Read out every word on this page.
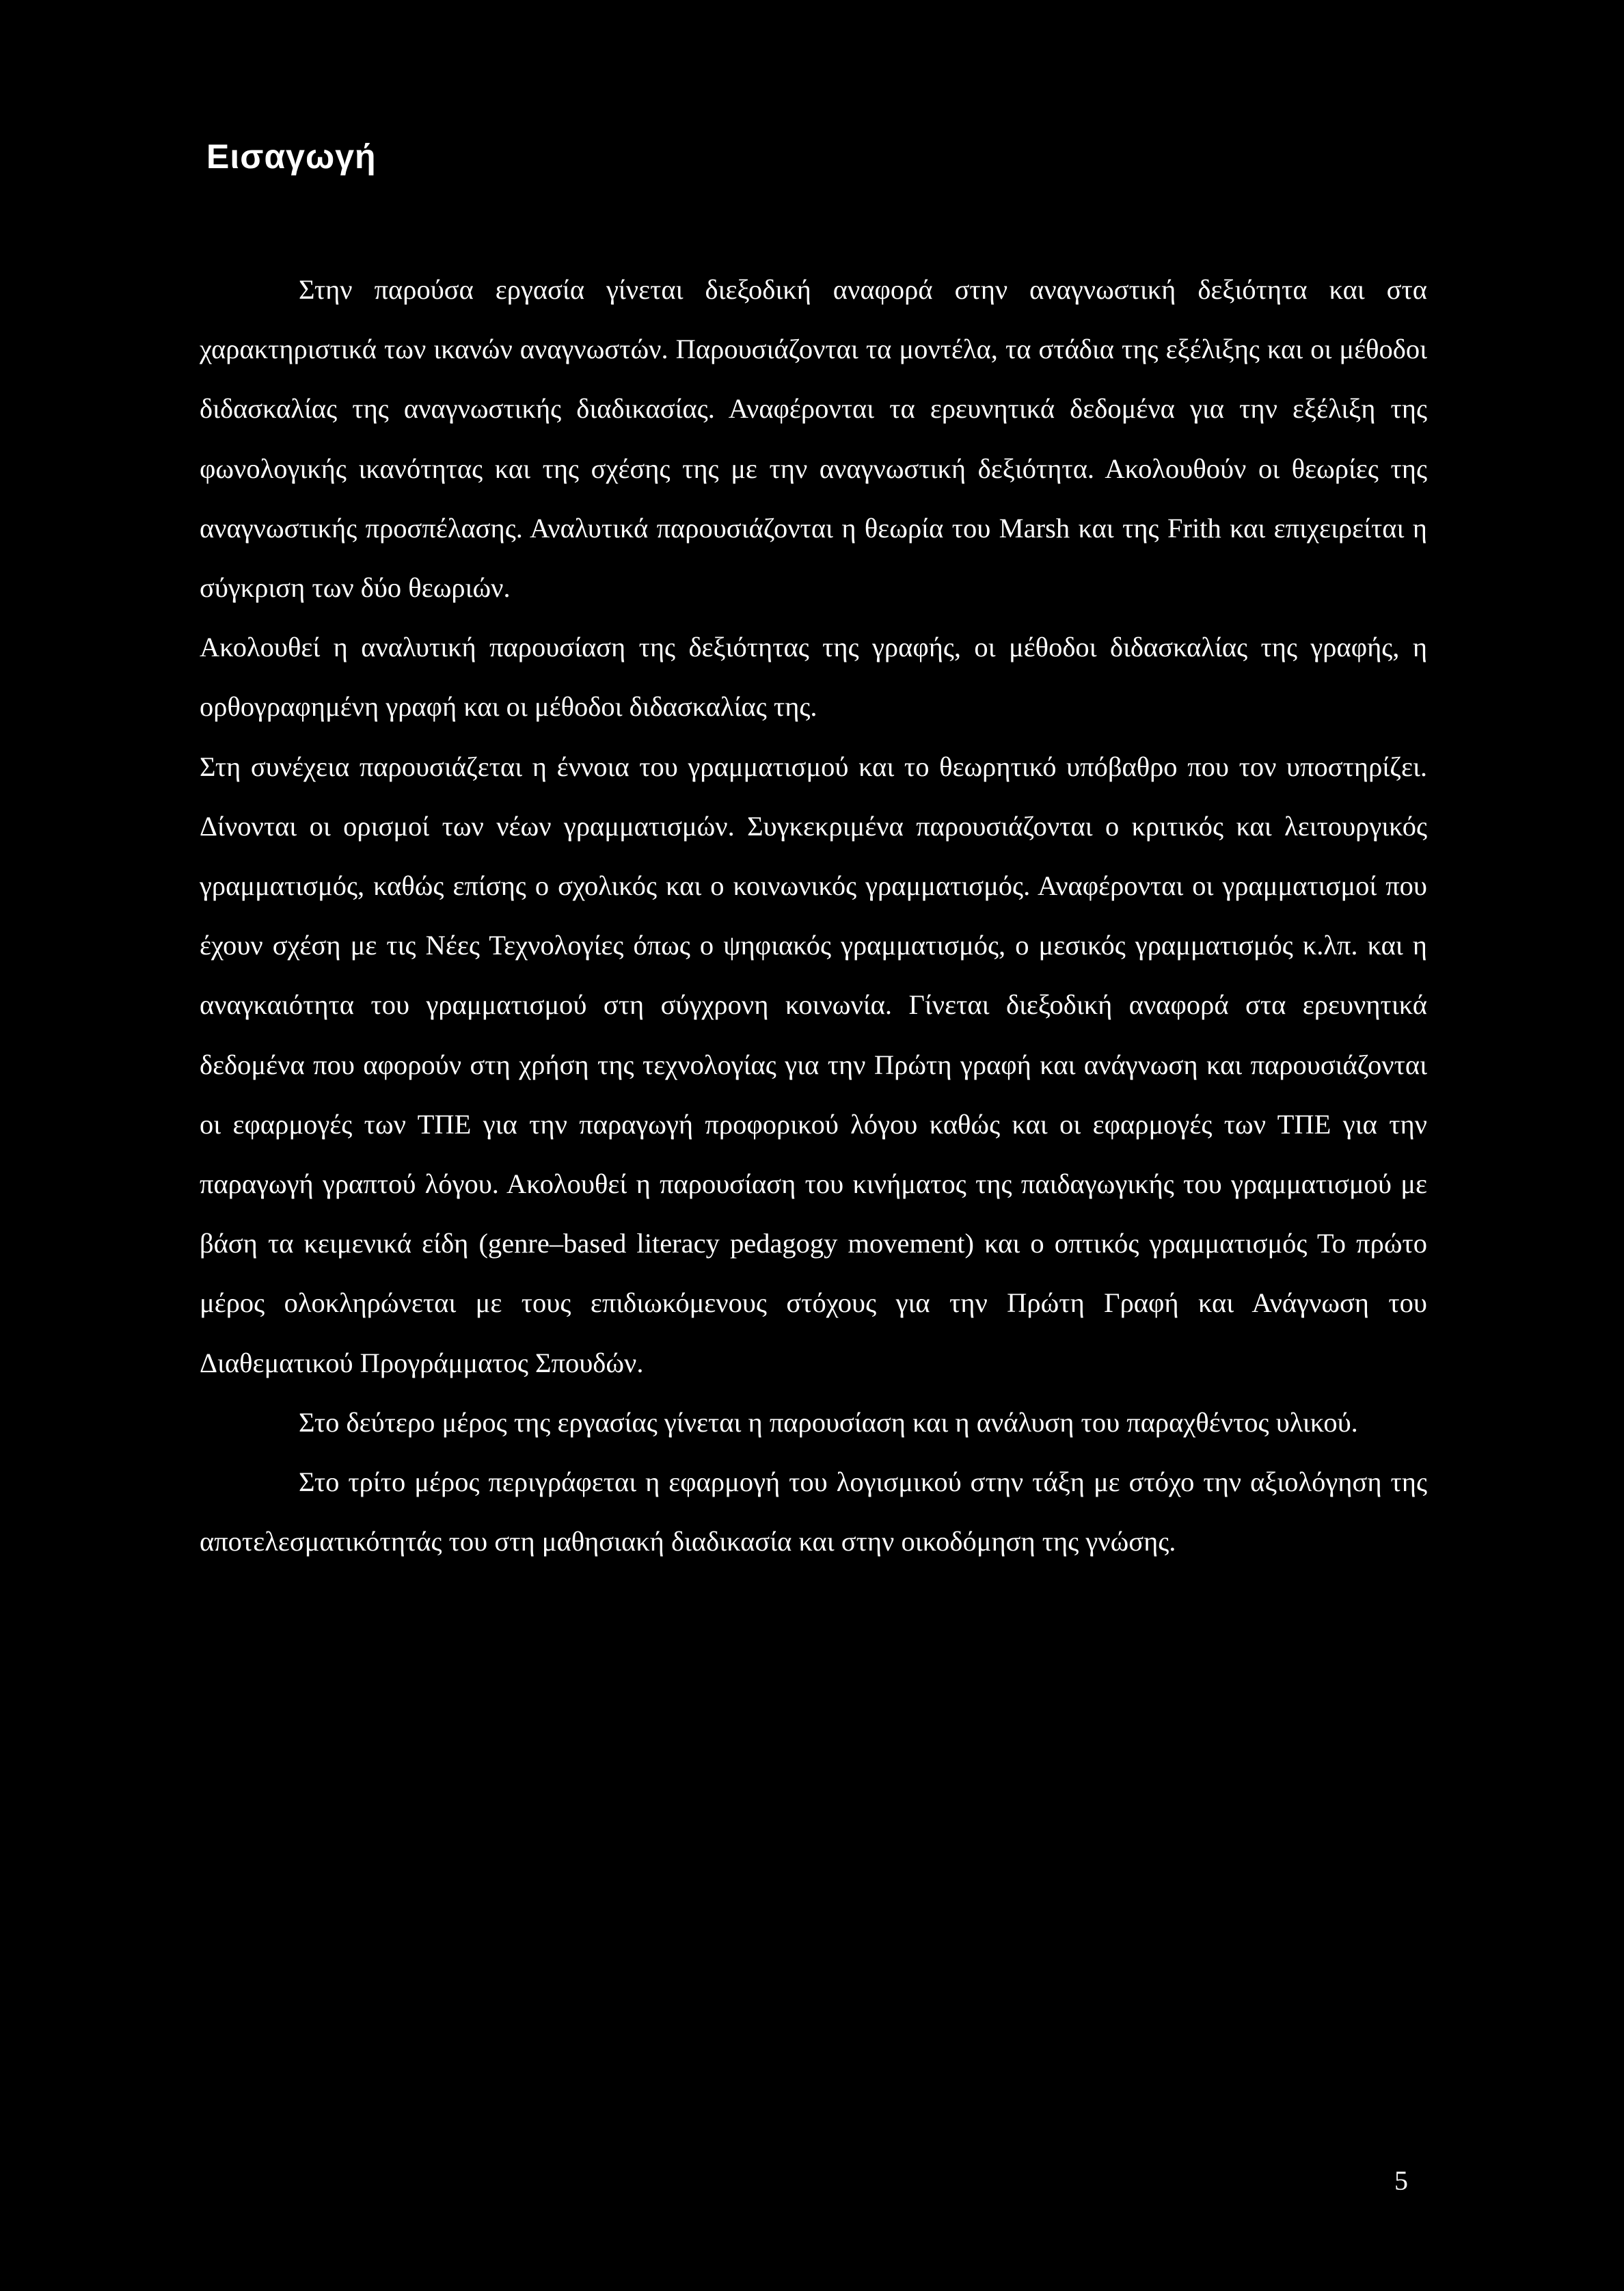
Εισαγωγή

Στην παρούσα εργασία γίνεται διεξοδική αναφορά στην αναγνωστική δεξιότητα και στα χαρακτηριστικά των ικανών αναγνωστών. Παρουσιάζονται τα μοντέλα, τα στάδια της εξέλιξης και οι μέθοδοι διδασκαλίας της αναγνωστικής διαδικασίας. Αναφέρονται τα ερευνητικά δεδομένα για την εξέλιξη της φωνολογικής ικανότητας και της σχέσης της με την αναγνωστική δεξιότητα. Ακολουθούν οι θεωρίες της αναγνωστικής προσπέλασης. Αναλυτικά παρουσιάζονται η θεωρία του Marsh και της Frith και επιχειρείται η σύγκριση των δύο θεωριών.

Ακολουθεί η αναλυτική παρουσίαση της δεξιότητας της γραφής, οι μέθοδοι διδασκαλίας της γραφής, η ορθογραφημένη γραφή και οι μέθοδοι διδασκαλίας της.

Στη συνέχεια παρουσιάζεται η έννοια του γραμματισμού και το θεωρητικό υπόβαθρο που τον υποστηρίζει. Δίνονται οι ορισμοί των νέων γραμματισμών. Συγκεκριμένα παρουσιάζονται ο κριτικός και λειτουργικός γραμματισμός, καθώς επίσης ο σχολικός και ο κοινωνικός γραμματισμός. Αναφέρονται οι γραμματισμοί που έχουν σχέση με τις Νέες Τεχνολογίες όπως ο ψηφιακός γραμματισμός, ο μεσικός γραμματισμός κ.λπ. και η αναγκαιότητα του γραμματισμού στη σύγχρονη κοινωνία. Γίνεται διεξοδική αναφορά στα ερευνητικά δεδομένα που αφορούν στη χρήση της τεχνολογίας για την Πρώτη γραφή και ανάγνωση και παρουσιάζονται οι εφαρμογές των ΤΠΕ για την παραγωγή προφορικού λόγου καθώς και οι εφαρμογές των ΤΠΕ για την παραγωγή γραπτού λόγου. Ακολουθεί η παρουσίαση του κινήματος της παιδαγωγικής του γραμματισμού με βάση τα κειμενικά είδη (genre–based literacy pedagogy movement) και ο οπτικός γραμματισμός Το πρώτο μέρος ολοκληρώνεται με τους επιδιωκόμενους στόχους για την Πρώτη Γραφή και Ανάγνωση του Διαθεματικού Προγράμματος Σπουδών.

Στο δεύτερο μέρος της εργασίας γίνεται η παρουσίαση και η ανάλυση του παραχθέντος υλικού.

Στο τρίτο μέρος περιγράφεται η εφαρμογή του λογισμικού στην τάξη με στόχο την αξιολόγηση της αποτελεσματικότητάς του στη μαθησιακή διαδικασία και στην οικοδόμηση της γνώσης.

5
